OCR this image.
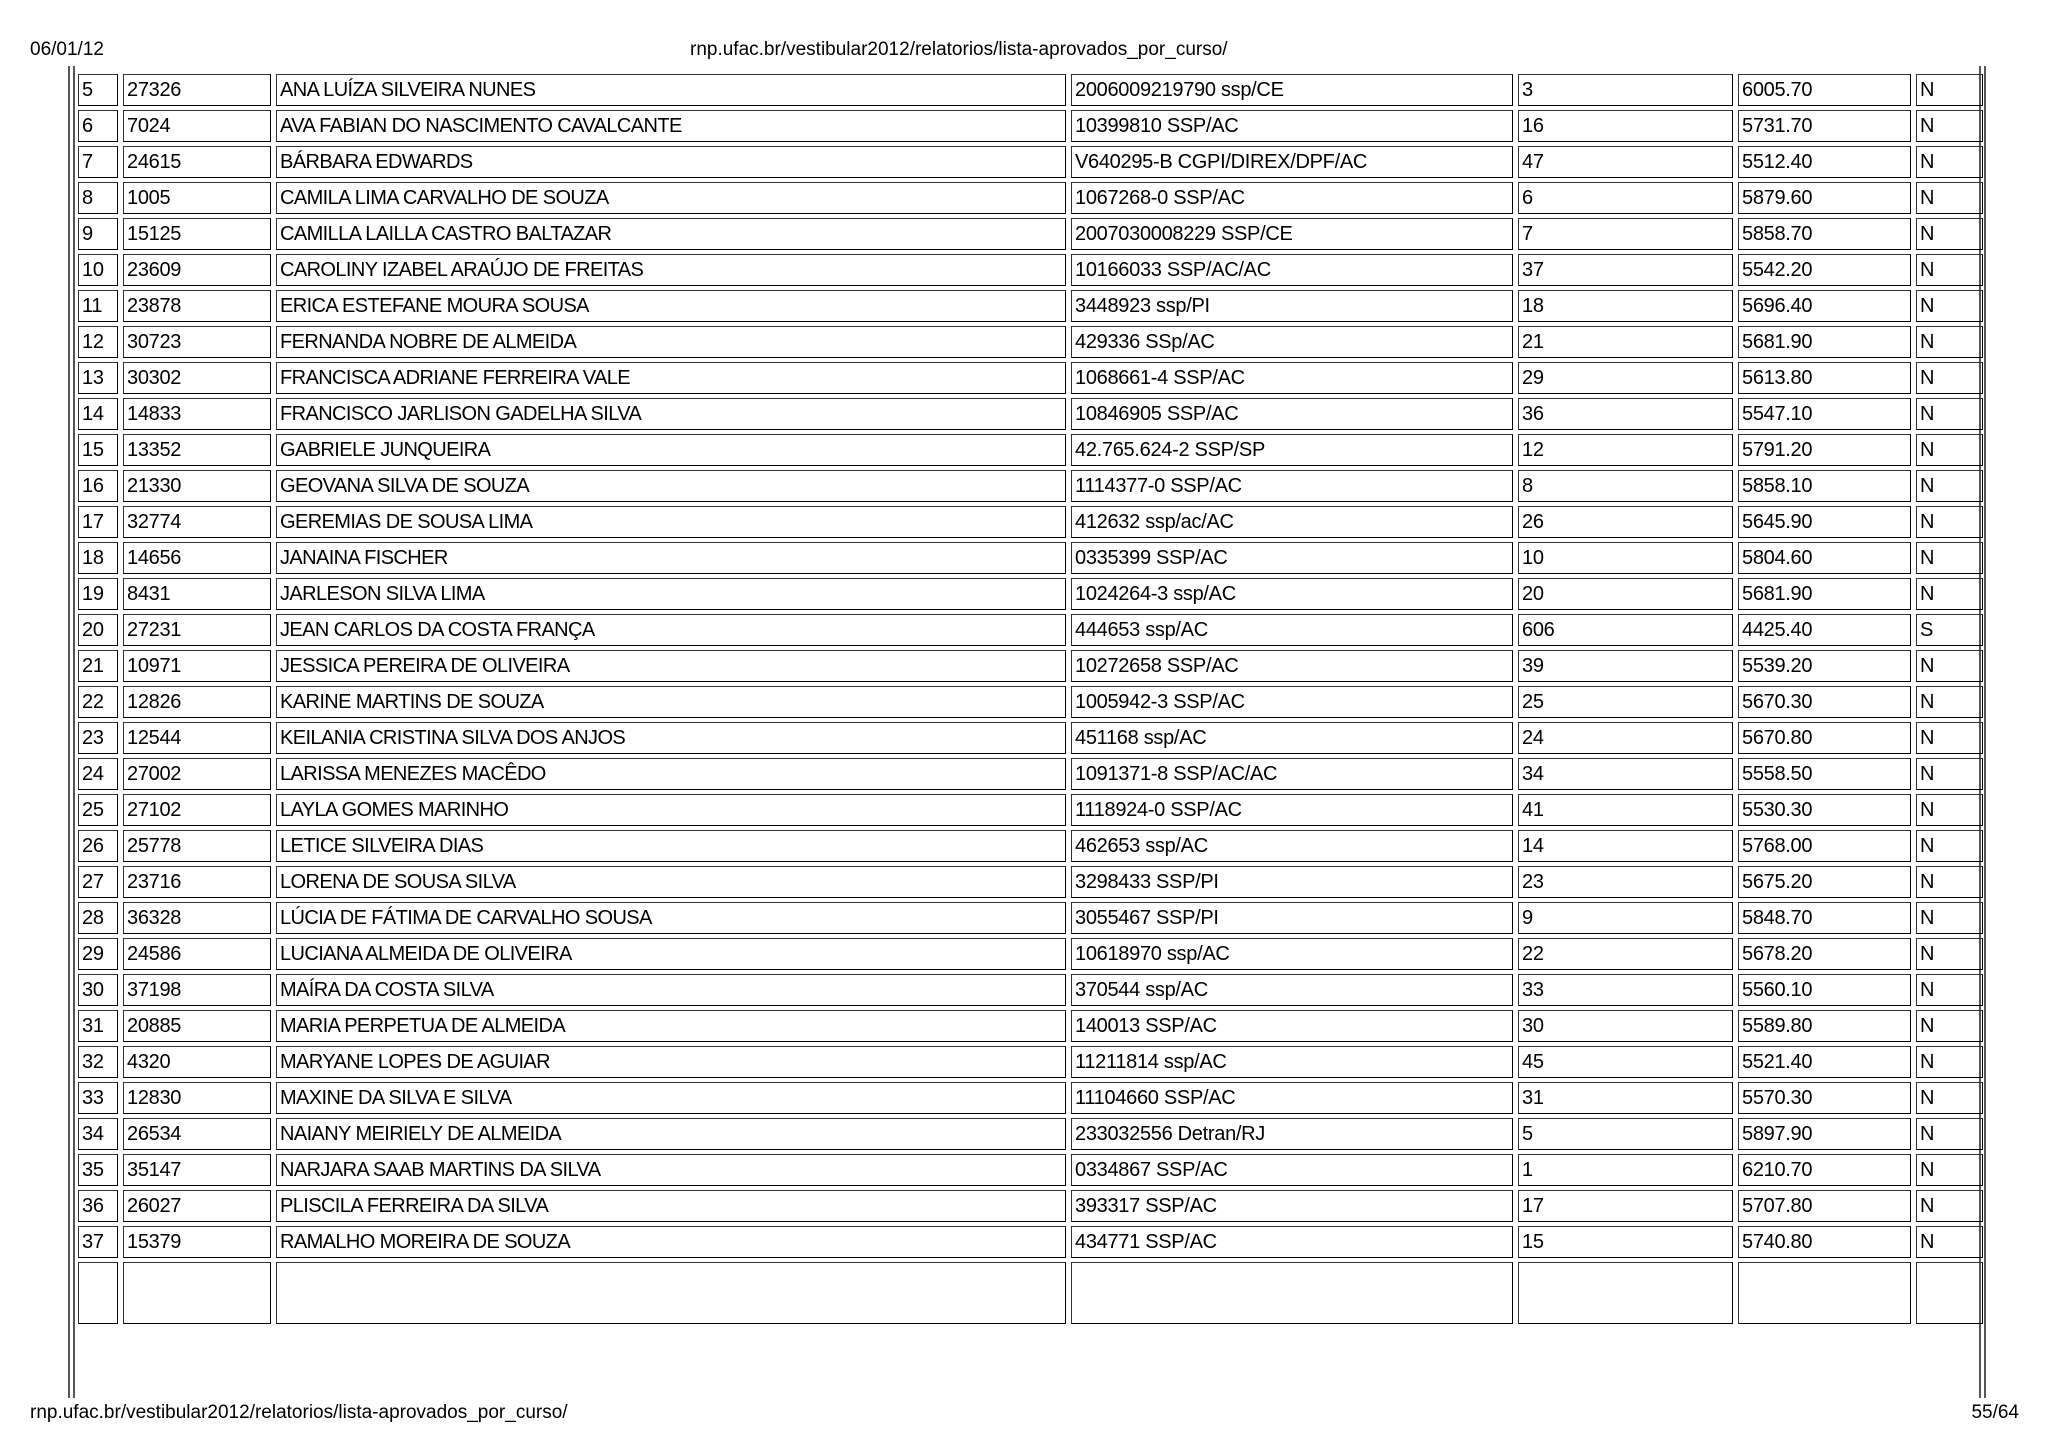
06/01/12	rnp.ufac.br/vestibular2012/relatorios/lista-aprovados_por_curso/
5	27326	ANA LUÍZA SILVEIRA NUNES	2006009219790 ssp/CE	3	6005.70	N
6	7024	AVA FABIAN DO NASCIMENTO CAVALCANTE	10399810 SSP/AC	16	5731.70	N
7	24615	BÁRBARA EDWARDS	V640295-B CGPI/DIREX/DPF/AC	47	5512.40	N
8	1005	CAMILA LIMA CARVALHO DE SOUZA	1067268-0 SSP/AC	6	5879.60	N
9	15125	CAMILLA LAILLA CASTRO BALTAZAR	2007030008229 SSP/CE	7	5858.70	N
10	23609	CAROLINY IZABEL ARAÚJO DE FREITAS	10166033 SSP/AC/AC	37	5542.20	N
11	23878	ERICA ESTEFANE MOURA SOUSA	3448923 ssp/PI	18	5696.40	N
12	30723	FERNANDA NOBRE DE ALMEIDA	429336 SSp/AC	21	5681.90	N
13	30302	FRANCISCA ADRIANE FERREIRA VALE	1068661-4 SSP/AC	29	5613.80	N
14	14833	FRANCISCO JARLISON GADELHA SILVA	10846905 SSP/AC	36	5547.10	N
15	13352	GABRIELE JUNQUEIRA	42.765.624-2 SSP/SP	12	5791.20	N
16	21330	GEOVANA SILVA DE SOUZA	1114377-0 SSP/AC	8	5858.10	N
17	32774	GEREMIAS DE SOUSA LIMA	412632 ssp/ac/AC	26	5645.90	N
18	14656	JANAINA FISCHER	0335399 SSP/AC	10	5804.60	N
19	8431	JARLESON SILVA LIMA	1024264-3 ssp/AC	20	5681.90	N
20	27231	JEAN CARLOS DA COSTA FRANÇA	444653 ssp/AC	606	4425.40	S
21	10971	JESSICA PEREIRA DE OLIVEIRA	10272658 SSP/AC	39	5539.20	N
22	12826	KARINE MARTINS DE SOUZA	1005942-3 SSP/AC	25	5670.30	N
23	12544	KEILANIA CRISTINA SILVA DOS ANJOS	451168 ssp/AC	24	5670.80	N
24	27002	LARISSA MENEZES MACÊDO	1091371-8 SSP/AC/AC	34	5558.50	N
25	27102	LAYLA GOMES MARINHO	1118924-0 SSP/AC	41	5530.30	N
26	25778	LETICE SILVEIRA DIAS	462653 ssp/AC	14	5768.00	N
27	23716	LORENA DE SOUSA SILVA	3298433 SSP/PI	23	5675.20	N
28	36328	LÚCIA DE FÁTIMA DE CARVALHO SOUSA	3055467 SSP/PI	9	5848.70	N
29	24586	LUCIANA ALMEIDA DE OLIVEIRA	10618970 ssp/AC	22	5678.20	N
30	37198	MAÍRA DA COSTA SILVA	370544 ssp/AC	33	5560.10	N
31	20885	MARIA PERPETUA DE ALMEIDA	140013 SSP/AC	30	5589.80	N
32	4320	MARYANE LOPES DE AGUIAR	11211814 ssp/AC	45	5521.40	N
33	12830	MAXINE DA SILVA E SILVA	11104660 SSP/AC	31	5570.30	N
34	26534	NAIANY MEIRIELY DE ALMEIDA	233032556 Detran/RJ	5	5897.90	N
35	35147	NARJARA SAAB MARTINS DA SILVA	0334867 SSP/AC	1	6210.70	N
36	26027	PLISCILA FERREIRA DA SILVA	393317 SSP/AC	17	5707.80	N
37	15379	RAMALHO MOREIRA DE SOUZA	434771 SSP/AC	15	5740.80	N

rnp.ufac.br/vestibular2012/relatorios/lista-aprovados_por_curso/	55/64
